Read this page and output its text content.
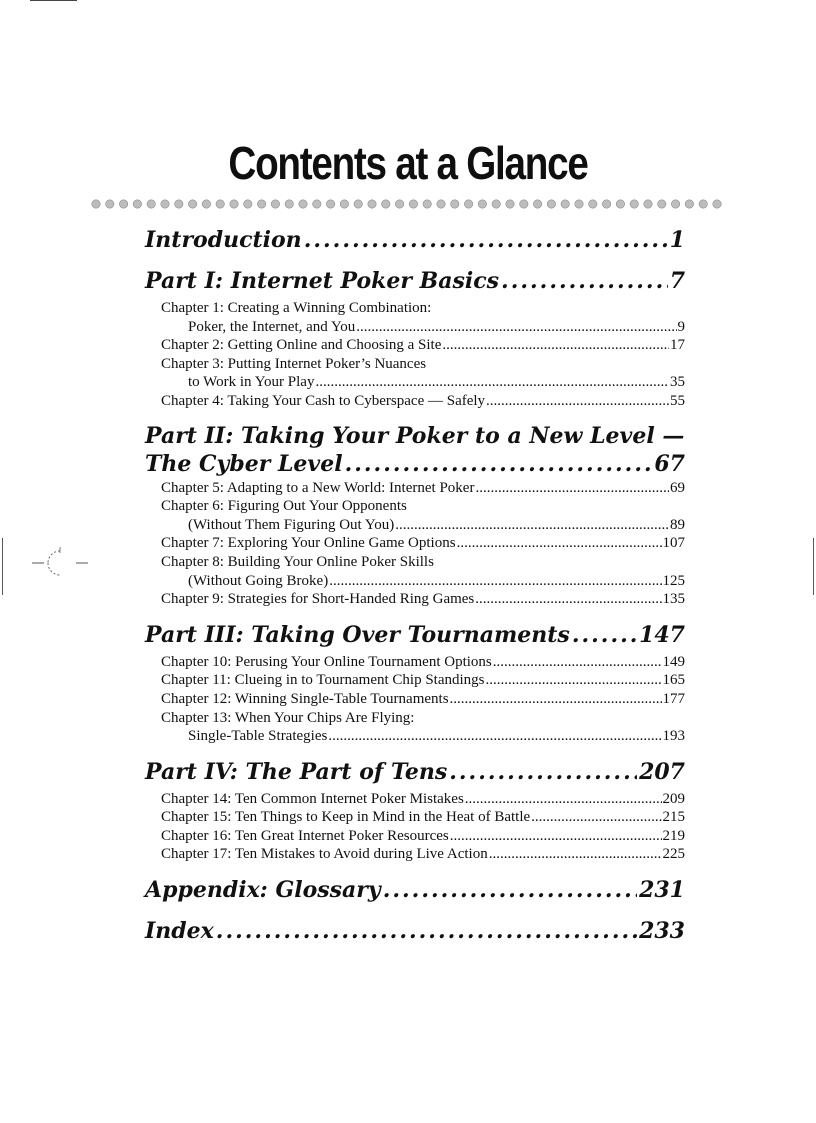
Contents at a Glance
Introduction .....	1
Part I: Internet Poker Basics .....	7
Chapter 1: Creating a Winning Combination:
Poker, the Internet, and You .....	9
Chapter 2: Getting Online and Choosing a Site .....	17
Chapter 3: Putting Internet Poker’s Nuances
to Work in Your Play .....	35
Chapter 4: Taking Your Cash to Cyberspace — Safely .....	55
Part II: Taking Your Poker to a New Level —
The Cyber Level .....	67
Chapter 5: Adapting to a New World: Internet Poker .....	69
Chapter 6: Figuring Out Your Opponents
(Without Them Figuring Out You) .....	89
Chapter 7: Exploring Your Online Game Options .....	107
Chapter 8: Building Your Online Poker Skills
(Without Going Broke) .....	125
Chapter 9: Strategies for Short-Handed Ring Games .....	135
Part III: Taking Over Tournaments .....	147
Chapter 10: Perusing Your Online Tournament Options .....	149
Chapter 11: Clueing in to Tournament Chip Standings .....	165
Chapter 12: Winning Single-Table Tournaments .....	177
Chapter 13: When Your Chips Are Flying:
Single-Table Strategies .....	193
Part IV: The Part of Tens .....	207
Chapter 14: Ten Common Internet Poker Mistakes .....	209
Chapter 15: Ten Things to Keep in Mind in the Heat of Battle .....	215
Chapter 16: Ten Great Internet Poker Resources .....	219
Chapter 17: Ten Mistakes to Avoid during Live Action .....	225
Appendix: Glossary .....	231
Index .....	233
